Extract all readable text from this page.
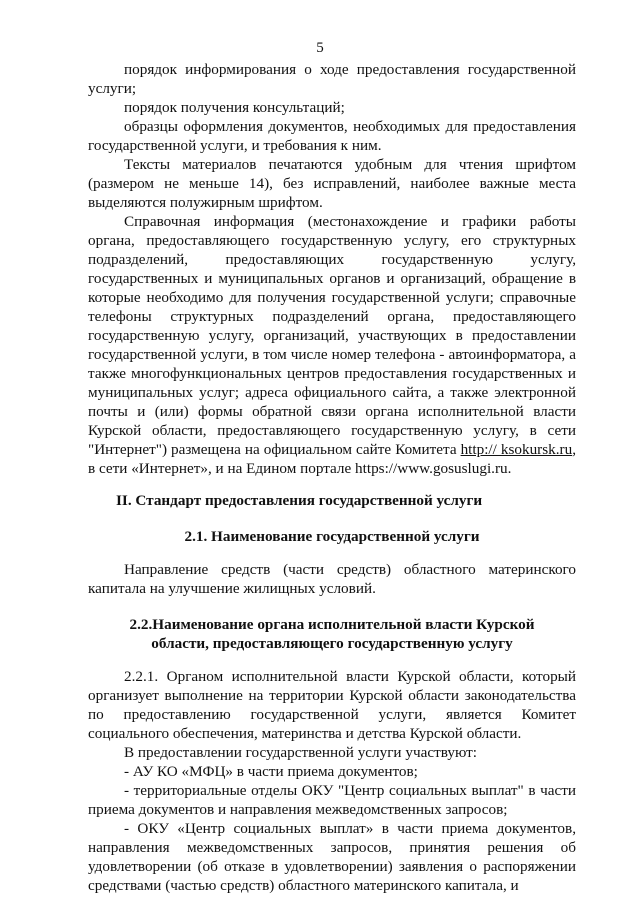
5

порядок информирования о ходе предоставления государственной услуги;

порядок получения консультаций;

образцы оформления документов, необходимых для предоставления государственной услуги, и требования к ним.

Тексты материалов печатаются удобным для чтения шрифтом (размером не меньше 14), без исправлений, наиболее важные места выделяются полужирным шрифтом.

Справочная информация (местонахождение и графики работы органа, предоставляющего государственную услугу, его структурных подразделений, предоставляющих государственную услугу, государственных и муниципальных органов и организаций, обращение в которые необходимо для получения государственной услуги; справочные телефоны структурных подразделений органа, предоставляющего государственную услугу, организаций, участвующих в предоставлении государственной услуги, в том числе номер телефона - автоинформатора, а также многофункциональных центров предоставления государственных и муниципальных услуг; адреса официального сайта, а также электронной почты и (или) формы обратной связи органа исполнительной власти Курской области, предоставляющего государственную услугу, в сети "Интернет") размещена на официальном сайте Комитета http:// ksokursk.ru, в сети «Интернет», и на Едином портале https://www.gosuslugi.ru.

II. Стандарт предоставления государственной услуги
2.1. Наименование государственной услуги

Направление средств (части средств) областного материнского капитала на улучшение жилищных условий.

2.2.Наименование органа исполнительной власти Курской
области, предоставляющего государственную услугу

2.2.1. Органом исполнительной власти Курской области, который организует выполнение на территории Курской области законодательства по предоставлению государственной услуги, является Комитет социального обеспечения, материнства и детства Курской области.

В предоставлении государственной услуги участвуют:

- АУ КО «МФЦ» в части приема документов;

- территориальные отделы ОКУ "Центр социальных выплат" в части приема документов и направления межведомственных запросов;

- ОКУ «Центр социальных выплат» в части приема документов, направления межведомственных запросов, принятия решения об удовлетворении (об отказе в удовлетворении) заявления о распоряжении средствами (частью средств) областного материнского капитала, и
